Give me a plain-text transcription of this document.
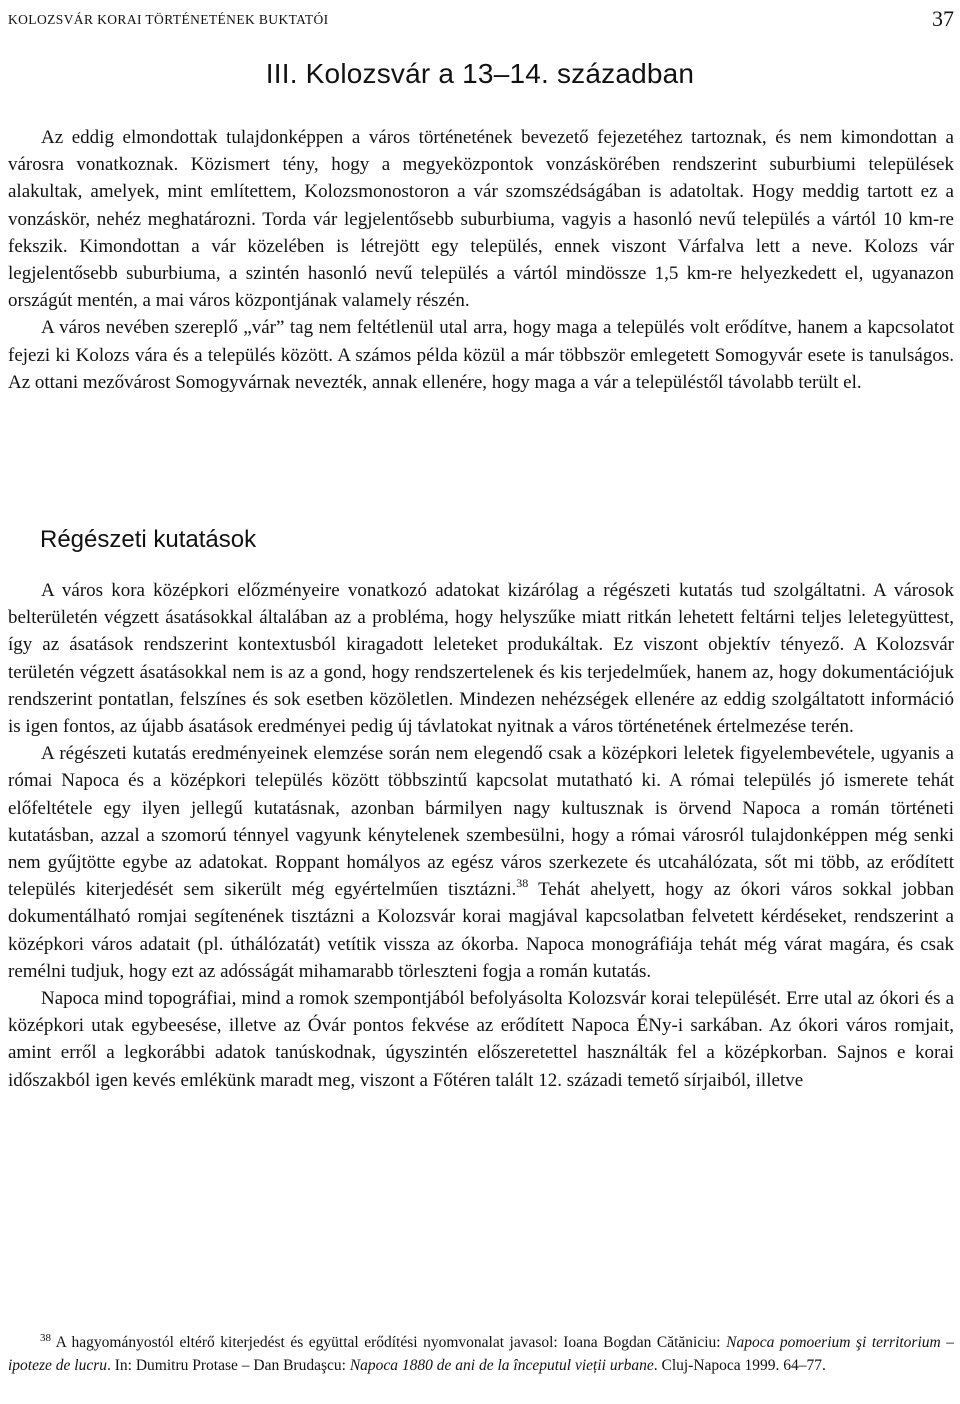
KOLOZSVÁR KORAI TÖRTÉNETÉNEK BUKTATÓI	37
III. Kolozsvár a 13–14. században

Az eddig elmondottak tulajdonképpen a város történetének bevezető fejezetéhez tartoznak, és nem kimondottan a városra vonatkoznak. Közismert tény, hogy a megyeközpontok vonzáskörében rendszerint suburbiumi települések alakultak, amelyek, mint említettem, Kolozsmonostoron a vár szomszédságában is adatoltak. Hogy meddig tartott ez a vonzáskör, nehéz meghatározni. Torda vár legjelentősebb suburbiuma, vagyis a hasonló nevű település a vártól 10 km-re fekszik. Kimondottan a vár közelében is létrejött egy település, ennek viszont Várfalva lett a neve. Kolozs vár legjelentősebb suburbiuma, a szintén hasonló nevű település a vártól mindössze 1,5 km-re helyezkedett el, ugyanazon országút mentén, a mai város központjának valamely részén.

A város nevében szereplő „vár” tag nem feltétlenül utal arra, hogy maga a település volt erődítve, hanem a kapcsolatot fejezi ki Kolozs vára és a település között. A számos példa közül a már többször emlegetett Somogyvár esete is tanulságos. Az ottani mezővárost Somogyvárnak nevezték, annak ellenére, hogy maga a vár a településtől távolabb terült el.

Régészeti kutatások

A város kora középkori előzményeire vonatkozó adatokat kizárólag a régészeti kutatás tud szolgáltatni. A városok belterületén végzett ásatásokkal általában az a probléma, hogy helyszűke miatt ritkán lehetett feltárni teljes leletegyüttest, így az ásatások rendszerint kontextusból kiragadott leleteket produkáltak. Ez viszont objektív tényező. A Kolozsvár területén végzett ásatásokkal nem is az a gond, hogy rendszertelenek és kis terjedelműek, hanem az, hogy dokumentációjuk rendszerint pontatlan, felszínes és sok esetben közöletlen. Mindezen nehézségek ellenére az eddig szolgáltatott információ is igen fontos, az újabb ásatások eredményei pedig új távlatokat nyitnak a város történetének értelmezése terén.

A régészeti kutatás eredményeinek elemzése során nem elegendő csak a középkori leletek figyelembevétele, ugyanis a római Napoca és a középkori település között többszintű kapcsolat mutatható ki. A római település jó ismerete tehát előfeltétele egy ilyen jellegű kutatásnak, azonban bármilyen nagy kultusznak is örvend Napoca a román történeti kutatásban, azzal a szomorú ténnyel vagyunk kénytelenek szembesülni, hogy a római városról tulajdonképpen még senki nem gyűjtötte egybe az adatokat. Roppant homályos az egész város szerkezete és utcahálózata, sőt mi több, az erődített település kiterjedését sem sikerült még egyértelműen tisztázni.$^{38}$ Tehát ahelyett, hogy az ókori város sokkal jobban dokumentálható romjai segítenének tisztázni a Kolozsvár korai magjával kapcsolatban felvetett kérdéseket, rendszerint a középkori város adatait (pl. úthálózatát) vetítik vissza az ókorba. Napoca monográfiája tehát még várat magára, és csak remélni tudjuk, hogy ezt az adósságát mihamarabb törleszteni fogja a román kutatás.

Napoca mind topográfiai, mind a romok szempontjából befolyásolta Kolozsvár korai települését. Erre utal az ókori és a középkori utak egybeesése, illetve az Óvár pontos fekvése az erődített Napoca ÉNy-i sarkában. Az ókori város romjait, amint erről a legkorábbi adatok tanúskodnak, úgyszintén előszeretettel használták fel a középkorban. Sajnos e korai időszakból igen kevés emlékünk maradt meg, viszont a Főtéren talált 12. századi temető sírjaiból, illetve

$^{38}$ A hagyományostól eltérő kiterjedést és együttal erődítési nyomvonalat javasol: Ioana Bogdan Cătăniciu: Napoca pomoerium şi territorium – ipoteze de lucru. In: Dumitru Protase – Dan Brudaşcu: Napoca 1880 de ani de la începutul vieții urbane. Cluj-Napoca 1999. 64–77.
